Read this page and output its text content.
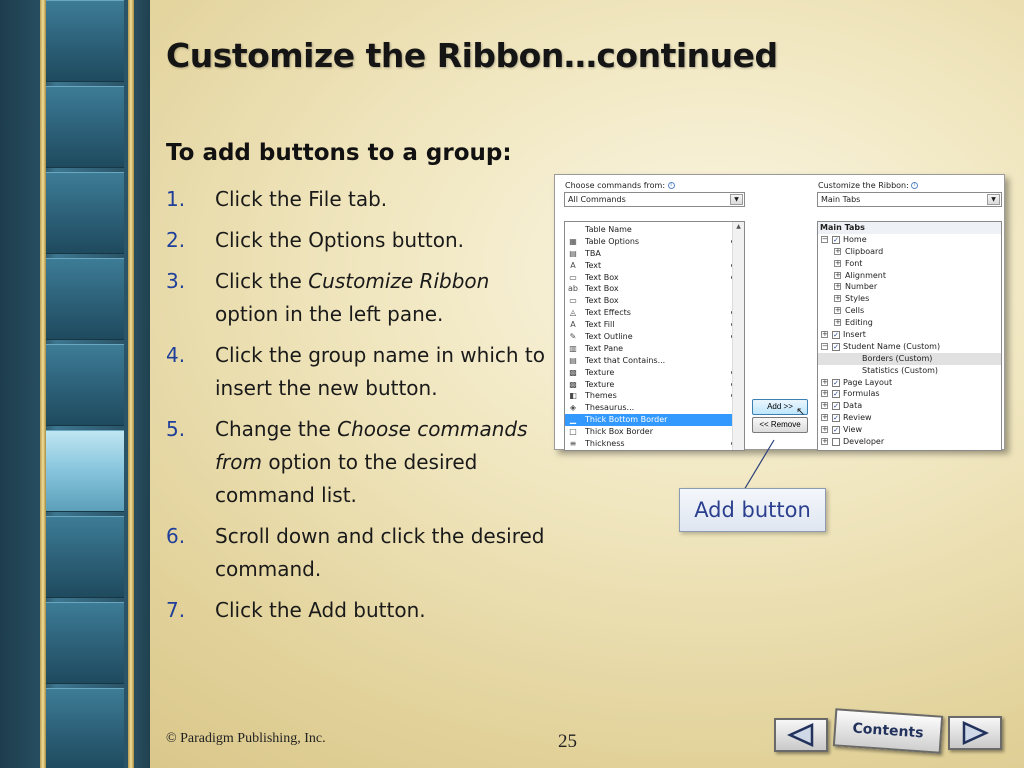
Customize the Ribbon…continued
To add buttons to a group:
1.	Click the File tab.
2.	Click the Options button.
3.	Click the Customize Ribbon option in the left pane.
4.	Click the group name in which to insert the new button.
5.	Change the Choose commands from option to the desired command list.
6.	Scroll down and click the desired command.
7.	Click the Add button.
Choose commands from: i
All Commands	▼
Customize the Ribbon: i
Main Tabs	▼
Table Name
▦ Table Options
▤ TBA
A Text
▭ Text Box
ab Text Box
▭ Text Box
◬ Text Effects
A Text Fill
✎ Text Outline
▥ Text Pane
▤ Text that Contains...
▩ Texture
▩ Texture
◧ Themes
◈ Thesaurus...
▁ Thick Bottom Border
□ Thick Box Border
≡ Thickness
▲
Add >>
<< Remove
↖
Main Tabs
− ✓ Home
+ Clipboard
+ Font
+ Alignment
+ Number
+ Styles
+ Cells
+ Editing
+ ✓ Insert
− ✓ Student Name (Custom)
Borders (Custom)
Statistics (Custom)
+ ✓ Page Layout
+ ✓ Formulas
+ ✓ Data
+ ✓ Review
+ ✓ View
+ Developer
Add button
© Paradigm Publishing, Inc.	25
Contents
